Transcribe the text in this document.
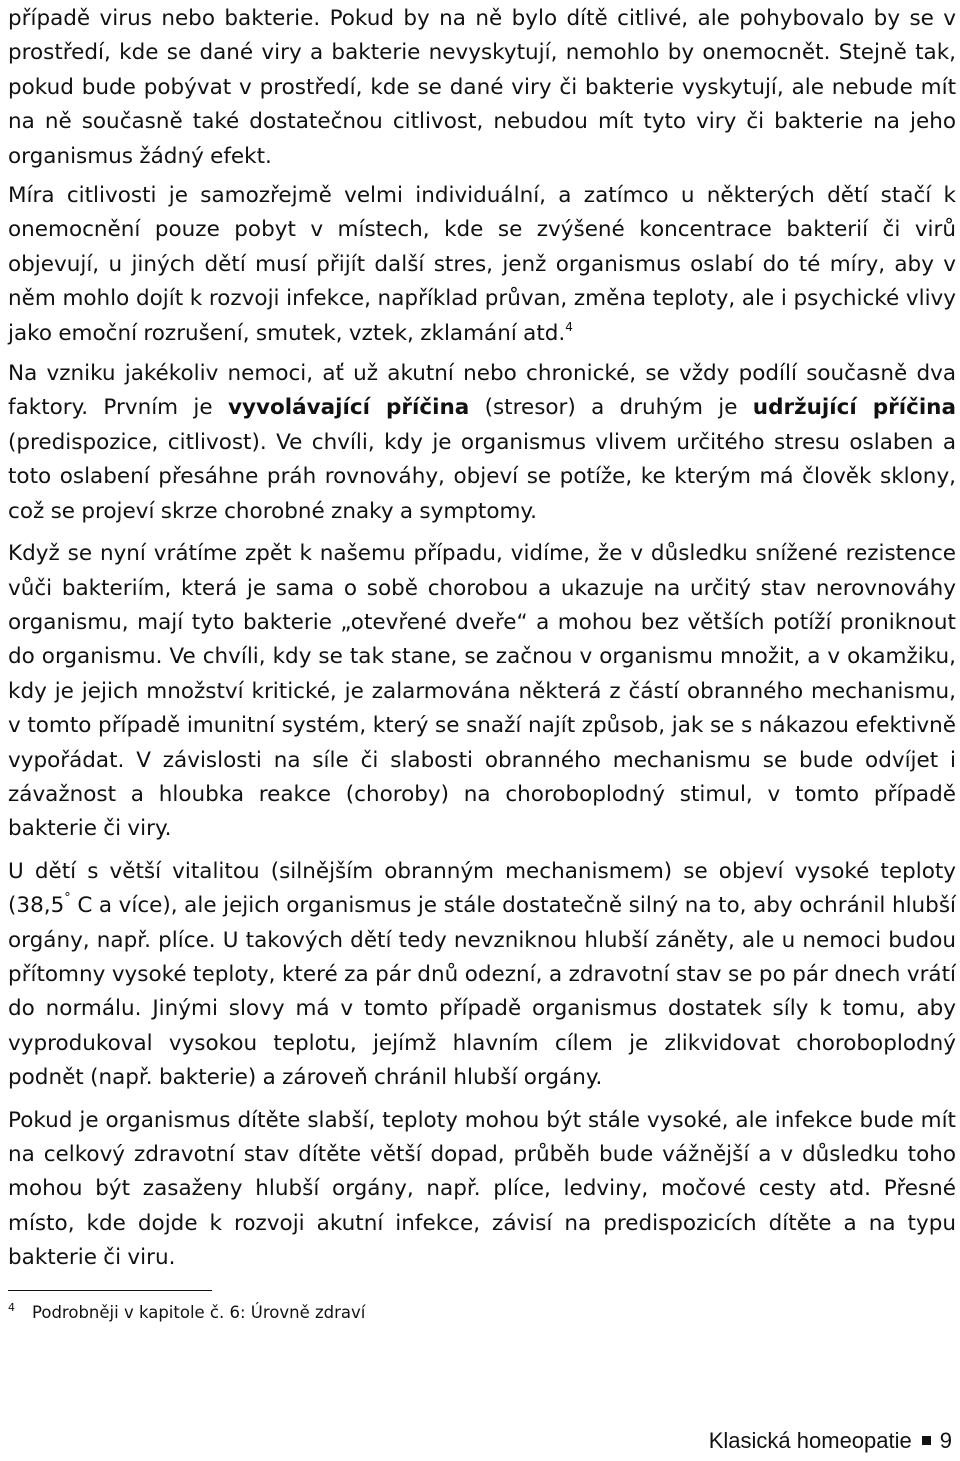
případě virus nebo bakterie. Pokud by na ně bylo dítě citlivé, ale pohybovalo by se v prostředí, kde se dané viry a bakterie nevyskytují, nemohlo by onemocnět. Stejně tak, pokud bude pobývat v prostředí, kde se dané viry či bakterie vyskytují, ale nebude mít na ně současně také dostatečnou citlivost, nebudou mít tyto viry či bakterie na jeho organismus žádný efekt.

Míra citlivosti je samozřejmě velmi individuální, a zatímco u některých dětí stačí k onemocnění pouze pobyt v místech, kde se zvýšené koncentrace bakterií či virů objevují, u jiných dětí musí přijít další stres, jenž organismus oslabí do té míry, aby v něm mohlo dojít k rozvoji infekce, například průvan, změna teploty, ale i psychické vlivy jako emoční rozrušení, smutek, vztek, zklamání atd.$^4$

Na vzniku jakékoliv nemoci, ať už akutní nebo chronické, se vždy podílí současně dva faktory. Prvním je vyvolávající příčina (stresor) a druhým je udržující příčina (predispozice, citlivost). Ve chvíli, kdy je organismus vlivem určitého stresu oslaben a toto oslabení přesáhne práh rovnováhy, objeví se potíže, ke kterým má člověk sklony, což se projeví skrze chorobné znaky a symptomy.

Když se nyní vrátíme zpět k našemu případu, vidíme, že v důsledku snížené rezistence vůči bakteriím, která je sama o sobě chorobou a ukazuje na určitý stav nerovnováhy organismu, mají tyto bakterie „otevřené dveře“ a mohou bez větších potíží proniknout do organismu. Ve chvíli, kdy se tak stane, se začnou v organismu množit, a v okamžiku, kdy je jejich množství kritické, je zalarmována některá z částí obranného mechanismu, v tomto případě imunitní systém, který se snaží najít způsob, jak se s nákazou efektivně vypořádat. V závislosti na síle či slabosti obranného mechanismu se bude odvíjet i závažnost a hloubka reakce (choroby) na choroboplodný stimul, v tomto případě bakterie či viry.

U dětí s větší vitalitou (silnějším obranným mechanismem) se objeví vysoké teploty (38,5° C a více), ale jejich organismus je stále dostatečně silný na to, aby ochránil hlubší orgány, např. plíce. U takových dětí tedy nevzniknou hlubší záněty, ale u nemoci budou přítomny vysoké teploty, které za pár dnů odezní, a zdravotní stav se po pár dnech vrátí do normálu. Jinými slovy má v tomto případě organismus dostatek síly k tomu, aby vyprodukoval vysokou teplotu, jejímž hlavním cílem je zlikvidovat choroboplodný podnět (např. bakterie) a zároveň chránil hlubší orgány.

Pokud je organismus dítěte slabší, teploty mohou být stále vysoké, ale infekce bude mít na celkový zdravotní stav dítěte větší dopad, průběh bude vážnější a v důsledku toho mohou být zasaženy hlubší orgány, např. plíce, ledviny, močové cesty atd. Přesné místo, kde dojde k rozvoji akutní infekce, závisí na predispozicích dítěte a na typu bakterie či viru.

4 Podrobněji v kapitole č. 6: Úrovně zdraví
Klasická homeopatie 9
